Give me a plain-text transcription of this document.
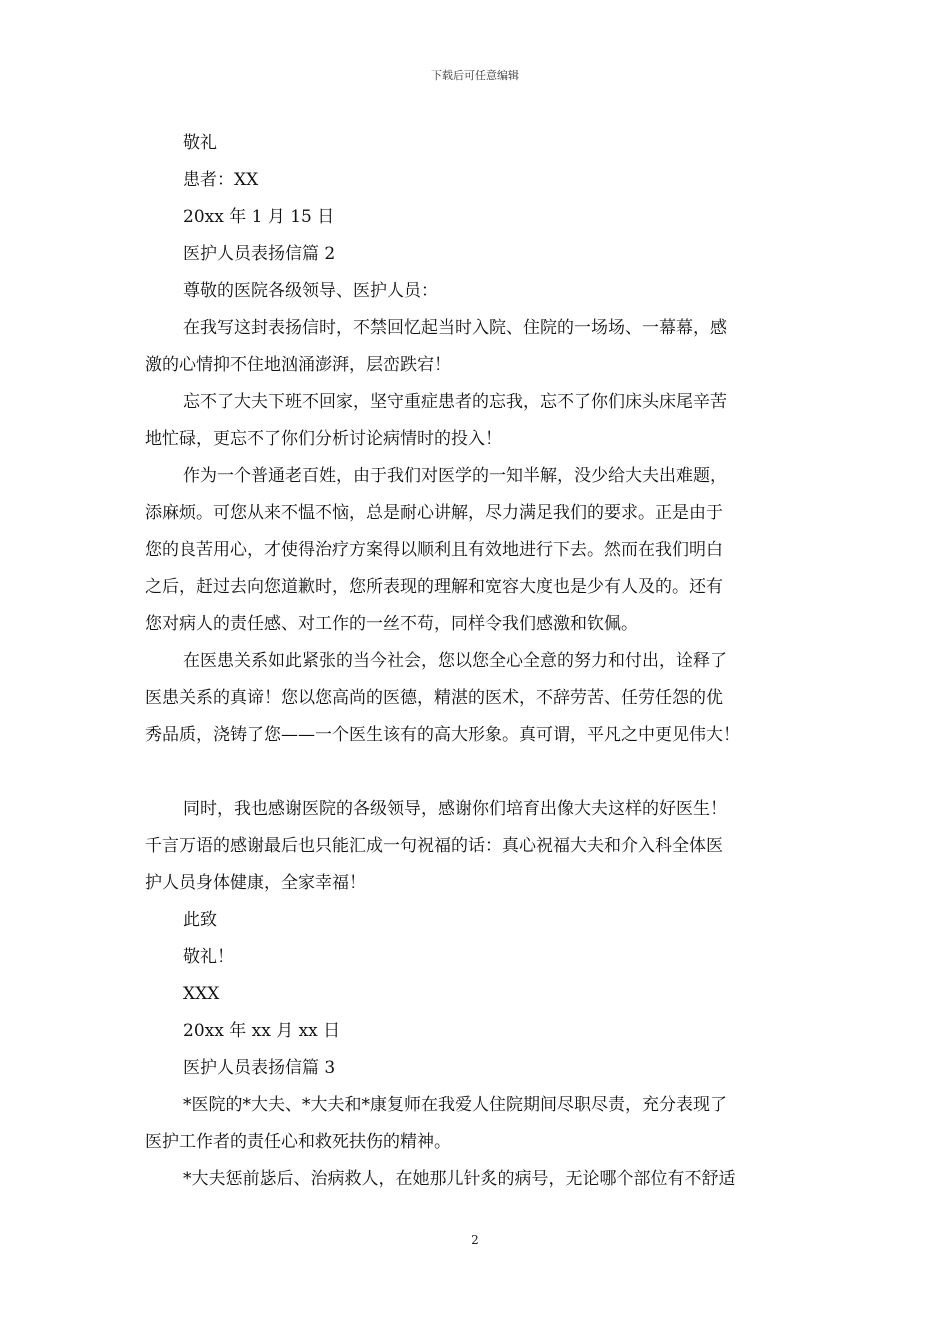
下载后可任意编辑
敬礼
患者：XX
20xx 年 1 月 15 日
医护人员表扬信篇 2
尊敬的医院各级领导、医护人员：
在我写这封表扬信时，不禁回忆起当时入院、住院的一场场、一幕幕，感
激的心情抑不住地汹涌澎湃，层峦跌宕！
忘不了大夫下班不回家，坚守重症患者的忘我，忘不了你们床头床尾辛苦
地忙碌，更忘不了你们分析讨论病情时的投入！
作为一个普通老百姓，由于我们对医学的一知半解，没少给大夫出难题，
添麻烦。可您从来不愠不恼，总是耐心讲解，尽力满足我们的要求。正是由于
您的良苦用心，才使得治疗方案得以顺利且有效地进行下去。然而在我们明白
之后，赶过去向您道歉时，您所表现的理解和宽容大度也是少有人及的。还有
您对病人的责任感、对工作的一丝不苟，同样令我们感激和钦佩。
在医患关系如此紧张的当今社会，您以您全心全意的努力和付出，诠释了
医患关系的真谛！您以您高尚的医德，精湛的医术，不辞劳苦、任劳任怨的优
秀品质，浇铸了您——一个医生该有的高大形象。真可谓，平凡之中更见伟大！
同时，我也感谢医院的各级领导，感谢你们培育出像大夫这样的好医生！
千言万语的感谢最后也只能汇成一句祝福的话：真心祝福大夫和介入科全体医
护人员身体健康，全家幸福！
此致
敬礼！
XXX
20xx 年 xx 月 xx 日
医护人员表扬信篇 3
*医院的*大夫、*大夫和*康复师在我爱人住院期间尽职尽责，充分表现了
医护工作者的责任心和救死扶伤的精神。
*大夫惩前毖后、治病救人，在她那儿针炙的病号，无论哪个部位有不舒适
2
